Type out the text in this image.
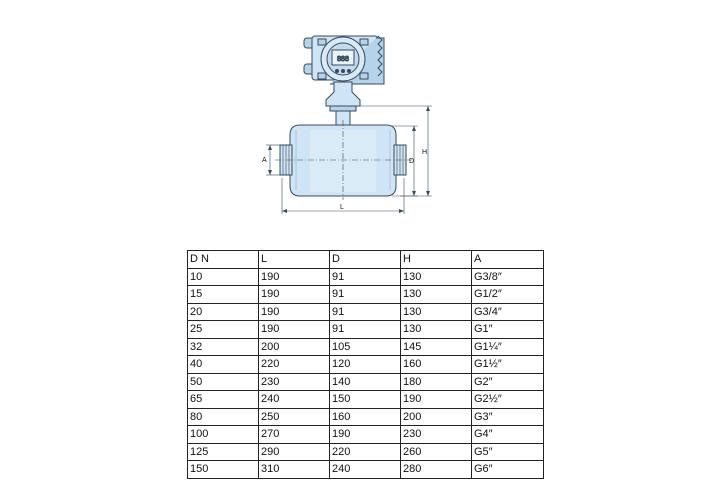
888
A
L
D
H
D N	L	D	H	A
10	190	91	130	G3/8″
15	190	91	130	G1/2″
20	190	91	130	G3/4″
25	190	91	130	G1″
32	200	105	145	G1¼″
40	220	120	160	G1½″
50	230	140	180	G2″
65	240	150	190	G2½″
80	250	160	200	G3″
100	270	190	230	G4″
125	290	220	260	G5″
150	310	240	280	G6″
